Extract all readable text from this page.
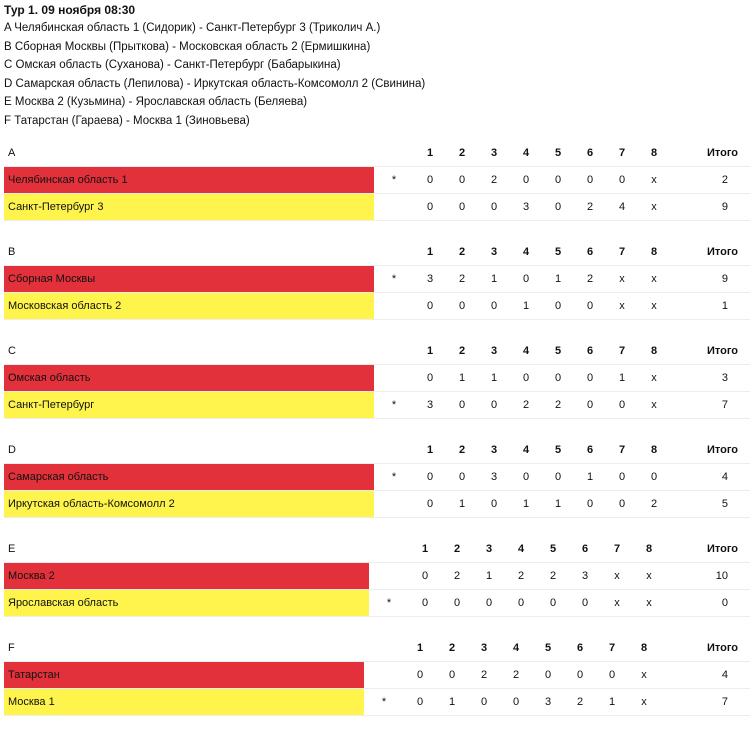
Тур 1. 09 ноября 08:30
A Челябинская область 1 (Сидорик) - Санкт-Петербург 3 (Триколич А.)
B Сборная Москвы (Прыткова) - Московская область 2 (Ермишкина)
C Омская область (Суханова) - Санкт-Петербург (Бабарыкина)
D Самарская область (Лепилова) - Иркутская область-Комсомолл 2 (Свинина)
E Москва 2 (Кузьмина) - Ярославская область (Беляева)
F Татарстан (Гараева) - Москва 1 (Зиновьева)
A		1	2	3	4	5	6	7	8		Итого
Челябинская область 1	*	0	0	2	0	0	0	0	x		2
Санкт-Петербург 3		0	0	0	3	0	2	4	x		9
B		1	2	3	4	5	6	7	8		Итого
Сборная Москвы	*	3	2	1	0	1	2	x	x		9
Московская область 2		0	0	0	1	0	0	x	x		1
C		1	2	3	4	5	6	7	8		Итого
Омская область		0	1	1	0	0	0	1	x		3
Санкт-Петербург	*	3	0	0	2	2	0	0	x		7
D		1	2	3	4	5	6	7	8		Итого
Самарская область	*	0	0	3	0	0	1	0	0		4
Иркутская область-Комсомолл 2		0	1	0	1	1	0	0	2		5
E		1	2	3	4	5	6	7	8		Итого
Москва 2		0	2	1	2	2	3	x	x		10
Ярославская область	*	0	0	0	0	0	0	x	x		0
F		1	2	3	4	5	6	7	8		Итого
Татарстан		0	0	2	2	0	0	0	x		4
Москва 1	*	0	1	0	0	3	2	1	x		7
